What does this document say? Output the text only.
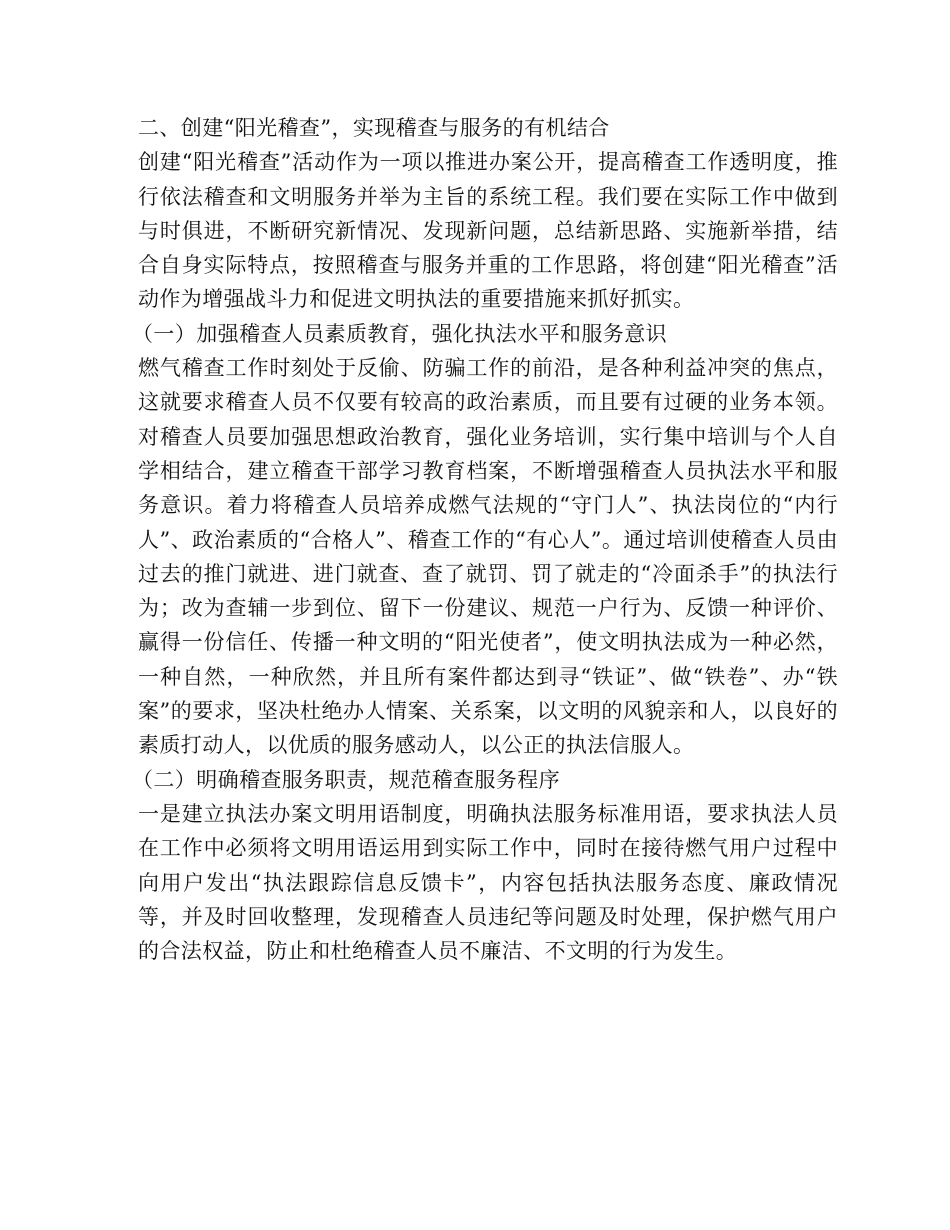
二、创建“阳光稽查”，实现稽查与服务的有机结合

创建“阳光稽查”活动作为一项以推进办案公开，提高稽查工作透明度，推行依法稽查和文明服务并举为主旨的系统工程。我们要在实际工作中做到与时俱进，不断研究新情况、发现新问题，总结新思路、实施新举措，结合自身实际特点，按照稽查与服务并重的工作思路，将创建“阳光稽查”活动作为增强战斗力和促进文明执法的重要措施来抓好抓实。

（一）加强稽查人员素质教育，强化执法水平和服务意识

燃气稽查工作时刻处于反偷、防骗工作的前沿，是各种利益冲突的焦点，这就要求稽查人员不仅要有较高的政治素质，而且要有过硬的业务本领。对稽查人员要加强思想政治教育，强化业务培训，实行集中培训与个人自学相结合，建立稽查干部学习教育档案，不断增强稽查人员执法水平和服务意识。着力将稽查人员培养成燃气法规的“守门人”、执法岗位的“内行人”、政治素质的“合格人”、稽查工作的“有心人”。通过培训使稽查人员由过去的推门就进、进门就查、查了就罚、罚了就走的“冷面杀手”的执法行为；改为查辅一步到位、留下一份建议、规范一户行为、反馈一种评价、赢得一份信任、传播一种文明的“阳光使者”，使文明执法成为一种必然，一种自然，一种欣然，并且所有案件都达到寻“铁证”、做“铁卷”、办“铁案”的要求，坚决杜绝办人情案、关系案，以文明的风貌亲和人，以良好的素质打动人，以优质的服务感动人，以公正的执法信服人。

（二）明确稽查服务职责，规范稽查服务程序

一是建立执法办案文明用语制度，明确执法服务标准用语，要求执法人员在工作中必须将文明用语运用到实际工作中，同时在接待燃气用户过程中向用户发出“执法跟踪信息反馈卡”，内容包括执法服务态度、廉政情况等，并及时回收整理，发现稽查人员违纪等问题及时处理，保护燃气用户的合法权益，防止和杜绝稽查人员不廉洁、不文明的行为发生。
